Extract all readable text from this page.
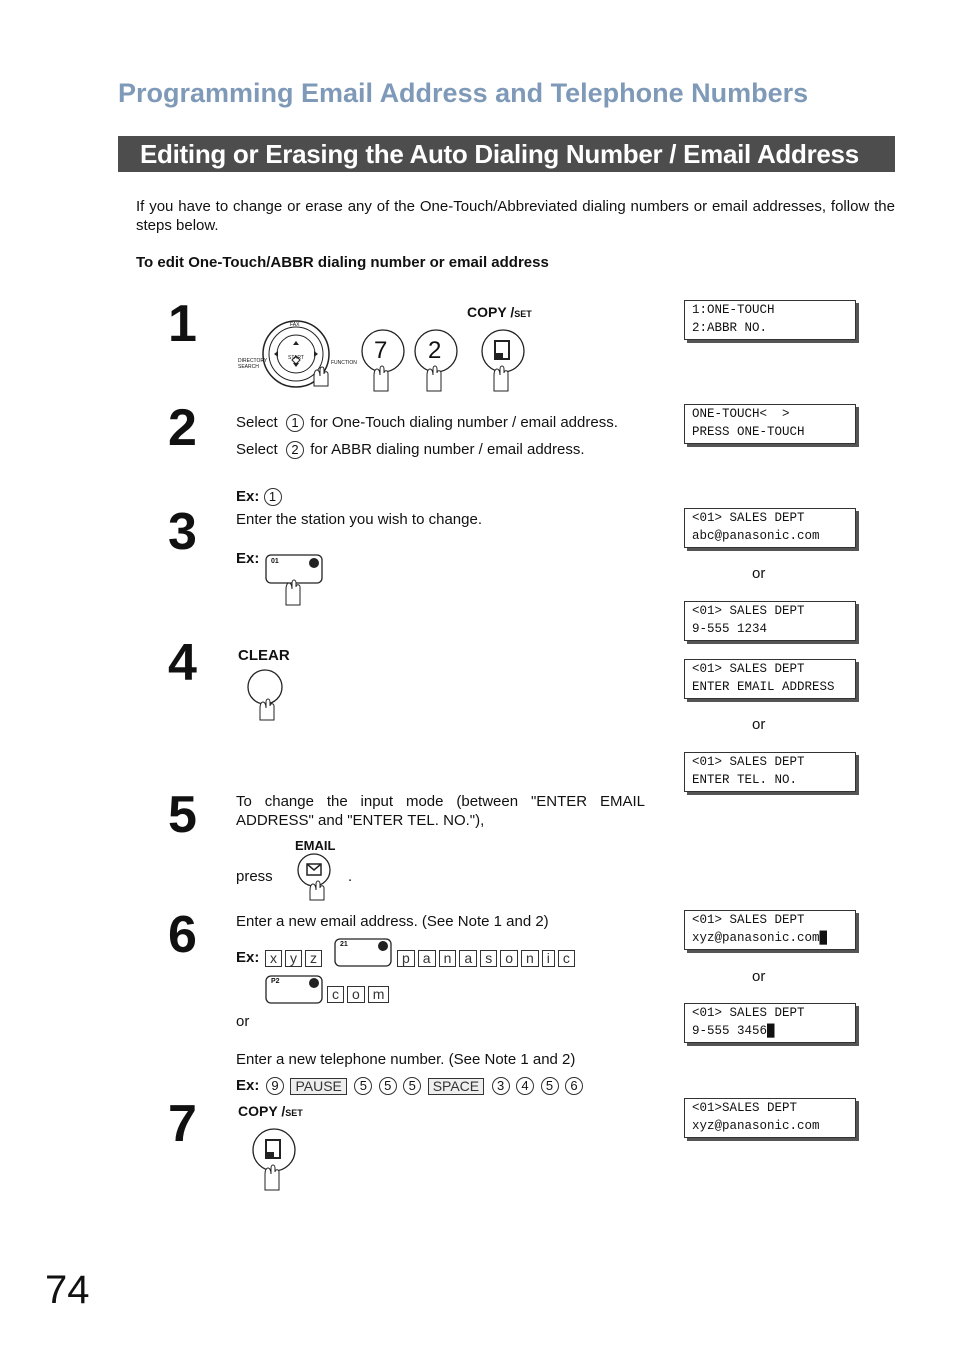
Programming Email Address and Telephone Numbers
Editing or Erasing the Auto Dialing Number / Email Address
If you have to change or erase any of the One-Touch/Abbreviated dialing numbers or email addresses, follow the steps below.
To edit One-Touch/ABBR dialing number or email address
1
2
3
4
5
6
7
FAX
DIRECTORY SEARCH
START
FUNCTION 7 2
COPY /SET
Select 1 for One-Touch dialing number / email address.
Select 2 for ABBR dialing number / email address.
Ex: 1
Enter the station you wish to change.
Ex: 01
CLEAR
To change the input mode (between "ENTER EMAIL ADDRESS" and "ENTER TEL. NO."),
EMAIL
press	.
Enter a new email address. (See Note 1 and 2)
Ex: x y z
21
p a n a s o n i c
P2
c o m
or
Enter a new telephone number. (See Note 1 and 2)
Ex: 9 PAUSE 5 5 5 SPACE 3 4 5 6
COPY /SET
1:ONE-TOUCH
2:ABBR NO.
ONE-TOUCH<  >
PRESS ONE-TOUCH
<01> SALES DEPT
abc@panasonic.com
or
<01> SALES DEPT
9-555 1234
<01> SALES DEPT
ENTER EMAIL ADDRESS
or
<01> SALES DEPT
ENTER TEL. NO.
<01> SALES DEPT
xyz@panasonic.com█
or
<01> SALES DEPT
9-555 3456█
<01>SALES DEPT
xyz@panasonic.com
74
